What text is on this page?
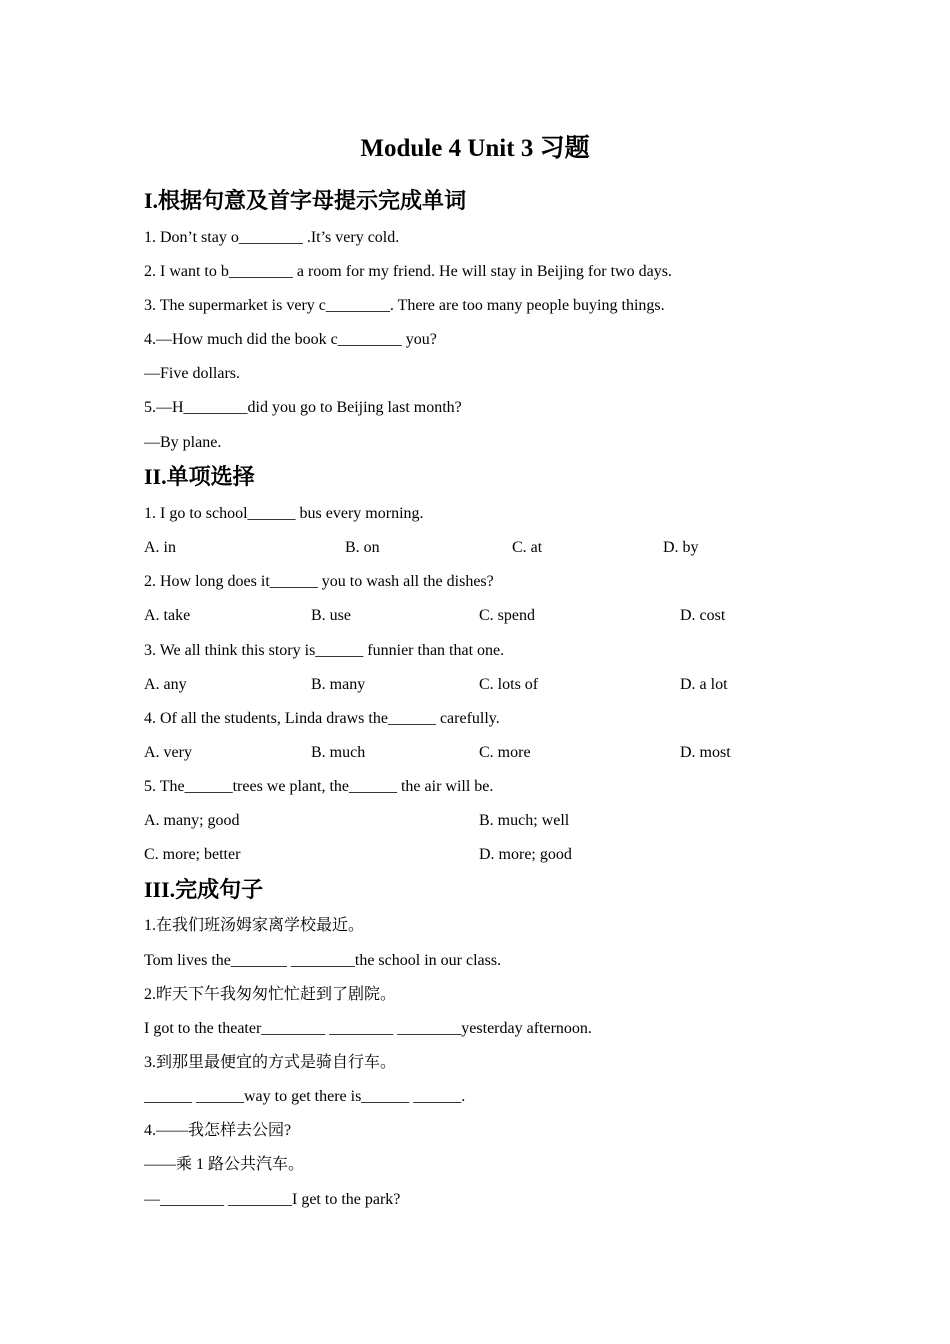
Module 4 Unit 3 习题
I.根据句意及首字母提示完成单词
1. Don’t stay o________ .It’s very cold.
2. I want to b________ a room for my friend. He will stay in Beijing for two days.
3. The supermarket is very c________. There are too many people buying things.
4.—How much did the book c________ you?
—Five dollars.
5.—H________did you go to Beijing last month?
—By plane.
II.单项选择
1. I go to school______ bus every morning.
A. in	B. on	C. at	D. by
2. How long does it______ you to wash all the dishes?
A. take	B. use	C. spend	D. cost
3. We all think this story is______ funnier than that one.
A. any	B. many	C. lots of	D. a lot
4. Of all the students, Linda draws the______ carefully.
A. very	B. much	C. more	D. most
5. The______trees we plant, the______ the air will be.
A. many; good	B. much; well
C. more; better	D. more; good
III.完成句子
1.在我们班汤姆家离学校最近。
Tom lives the_______ ________the school in our class.
2.昨天下午我匆匆忙忙赶到了剧院。
I got to the theater________ ________ ________yesterday afternoon.
3.到那里最便宜的方式是骑自行车。
______ ______way to get there is______ ______.
4.——我怎样去公园?
——乘 1 路公共汽车。
—________ ________I get to the park?
